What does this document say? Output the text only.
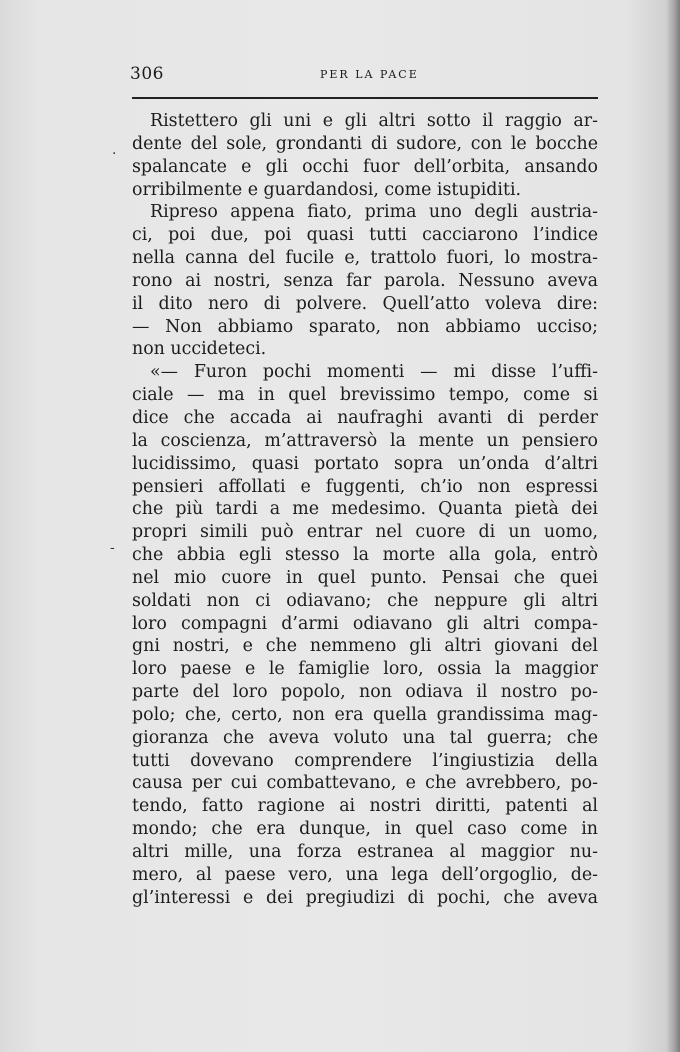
306	PER LA PACE
·
-
Ristettero gli uni e gli altri sotto il raggio ar-
dente del sole, grondanti di sudore, con le bocche
spalancate e gli occhi fuor dell’orbita, ansando
orribilmente e guardandosi, come istupiditi.
Ripreso appena fiato, prima uno degli austria-
ci, poi due, poi quasi tutti cacciarono l’indice
nella canna del fucile e, trattolo fuori, lo mostra-
rono ai nostri, senza far parola. Nessuno aveva
il dito nero di polvere. Quell’atto voleva dire:
— Non abbiamo sparato, non abbiamo ucciso;
non uccideteci.
«— Furon pochi momenti — mi disse l’uffi-
ciale — ma in quel brevissimo tempo, come si
dice che accada ai naufraghi avanti di perder
la coscienza, m’attraversò la mente un pensiero
lucidissimo, quasi portato sopra un’onda d’altri
pensieri affollati e fuggenti, ch’io non espressi
che più tardi a me medesimo. Quanta pietà dei
propri simili può entrar nel cuore di un uomo,
che abbia egli stesso la morte alla gola, entrò
nel mio cuore in quel punto. Pensai che quei
soldati non ci odiavano; che neppure gli altri
loro compagni d’armi odiavano gli altri compa-
gni nostri, e che nemmeno gli altri giovani del
loro paese e le famiglie loro, ossia la maggior
parte del loro popolo, non odiava il nostro po-
polo; che, certo, non era quella grandissima mag-
gioranza che aveva voluto una tal guerra; che
tutti dovevano comprendere l’ingiustizia della
causa per cui combattevano, e che avrebbero, po-
tendo, fatto ragione ai nostri diritti, patenti al
mondo; che era dunque, in quel caso come in
altri mille, una forza estranea al maggior nu-
mero, al paese vero, una lega dell’orgoglio, de-
gl’interessi e dei pregiudizi di pochi, che aveva
